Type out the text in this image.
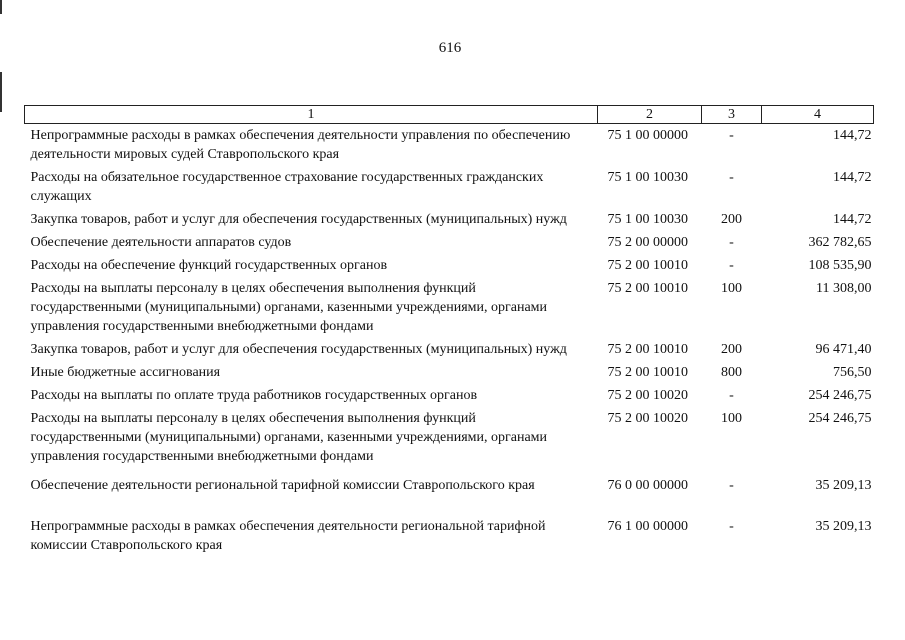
616
1	2	3	4
Непрограммные расходы в рамках обеспечения деятельности управления по обеспечению деятельности мировых судей Ставропольского края	75 1 00 00000	-	144,72
Расходы на обязательное государственное страхование государственных гражданских служащих	75 1 00 10030	-	144,72
Закупка товаров, работ и услуг для обеспечения государственных (муниципальных) нужд	75 1 00 10030	200	144,72
Обеспечение деятельности аппаратов судов	75 2 00 00000	-	362 782,65
Расходы на обеспечение функций государственных органов	75 2 00 10010	-	108 535,90
Расходы на выплаты персоналу в целях обеспечения выполнения функций государственными (муниципальными) органами, казенными учреждениями, органами управления государственными внебюджетными фондами	75 2 00 10010	100	11 308,00
Закупка товаров, работ и услуг для обеспечения государственных (муниципальных) нужд	75 2 00 10010	200	96 471,40
Иные бюджетные ассигнования	75 2 00 10010	800	756,50
Расходы на выплаты по оплате труда работников государственных органов	75 2 00 10020	-	254 246,75
Расходы на выплаты персоналу в целях обеспечения выполнения функций государственными (муниципальными) органами, казенными учреждениями, органами управления государственными внебюджетными фондами	75 2 00 10020	100	254 246,75
Обеспечение деятельности региональной тарифной комиссии Ставропольского края	76 0 00 00000	-	35 209,13
Непрограммные расходы в рамках обеспечения деятельности региональной тарифной комиссии Ставропольского края	76 1 00 00000	-	35 209,13
